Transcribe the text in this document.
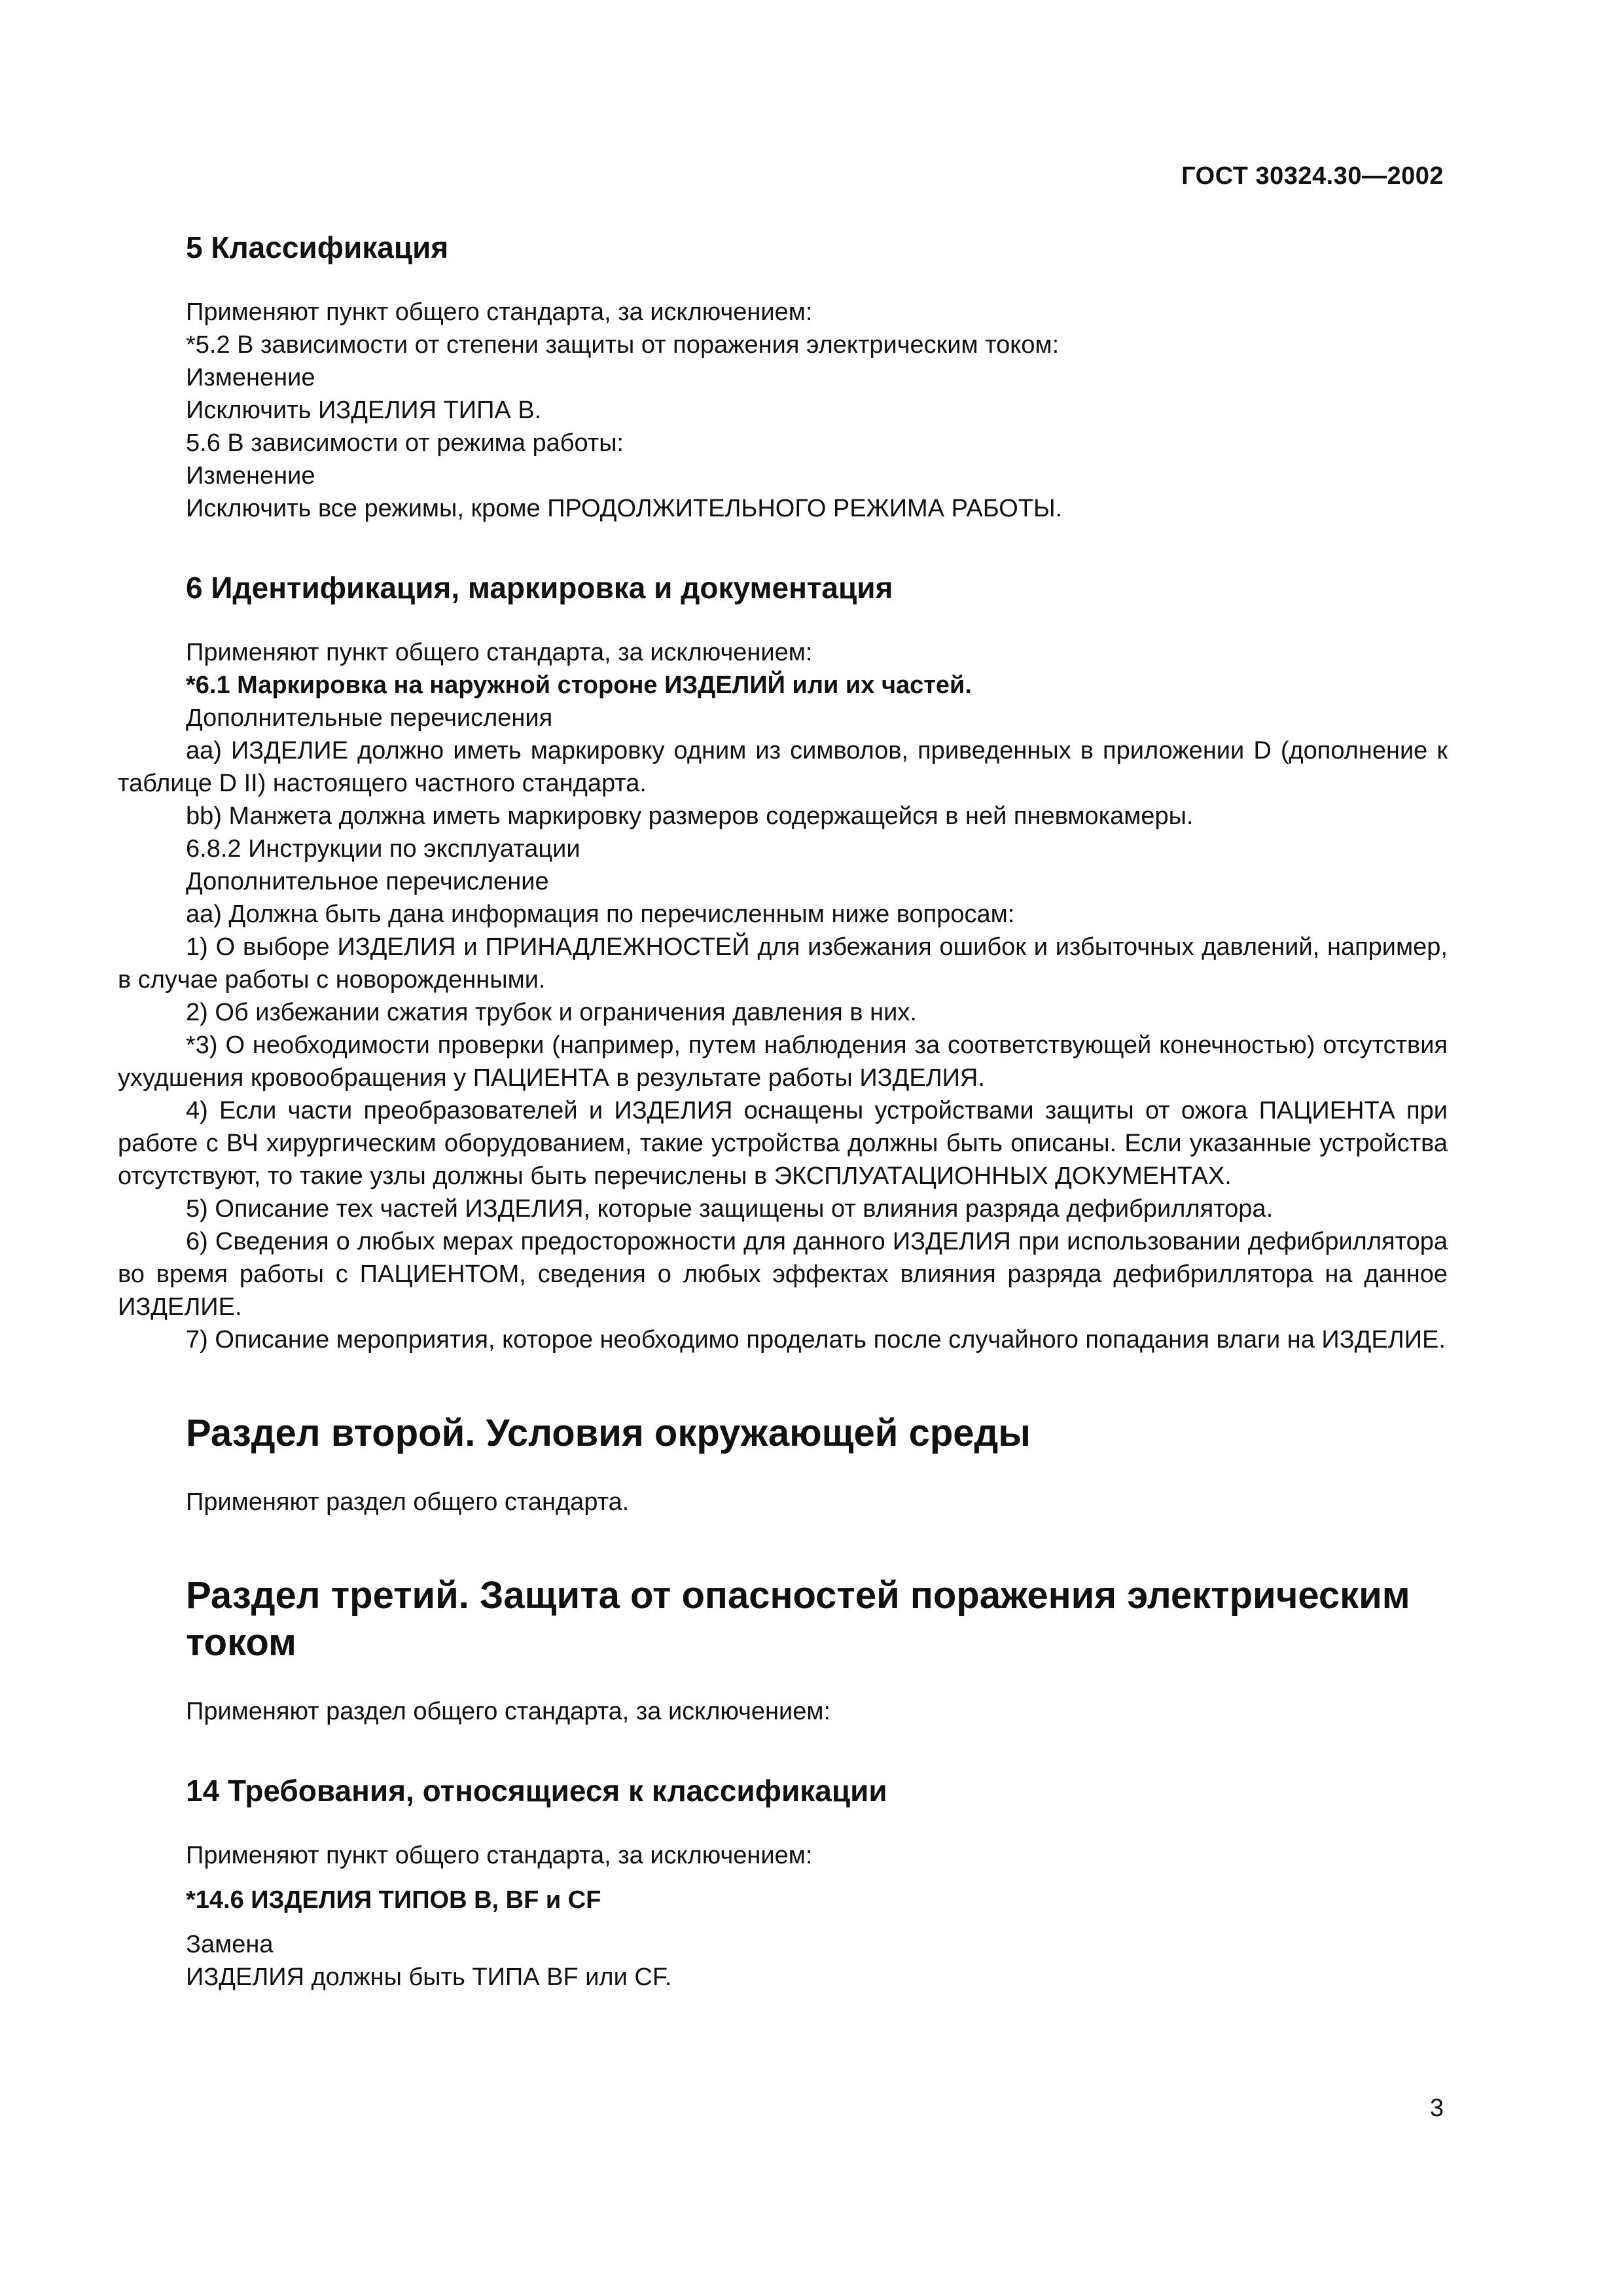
ГОСТ 30324.30—2002
5 Классификация
Применяют пункт общего стандарта, за исключением:
*5.2 В зависимости от степени защиты от поражения электрическим током:
Изменение
Исключить ИЗДЕЛИЯ ТИПА В.
5.6 В зависимости от режима работы:
Изменение
Исключить все режимы, кроме ПРОДОЛЖИТЕЛЬНОГО РЕЖИМА РАБОТЫ.
6 Идентификация, маркировка и документация
Применяют пункт общего стандарта, за исключением:
*6.1 Маркировка на наружной стороне ИЗДЕЛИЙ или их частей.
Дополнительные перечисления
аа) ИЗДЕЛИЕ должно иметь маркировку одним из символов, приведенных в приложении D (дополнение к таблице D II) настоящего частного стандарта.
bb) Манжета должна иметь маркировку размеров содержащейся в ней пневмокамеры.
6.8.2 Инструкции по эксплуатации
Дополнительное перечисление
аа) Должна быть дана информация по перечисленным ниже вопросам:
1) О выборе ИЗДЕЛИЯ и ПРИНАДЛЕЖНОСТЕЙ для избежания ошибок и избыточных давлений, например, в случае работы с новорожденными.
2) Об избежании сжатия трубок и ограничения давления в них.
*3) О необходимости проверки (например, путем наблюдения за соответствующей конечностью) отсутствия ухудшения кровообращения у ПАЦИЕНТА в результате работы ИЗДЕЛИЯ.
4) Если части преобразователей и ИЗДЕЛИЯ оснащены устройствами защиты от ожога ПАЦИЕНТА при работе с ВЧ хирургическим оборудованием, такие устройства должны быть описаны. Если указанные устройства отсутствуют, то такие узлы должны быть перечислены в ЭКСПЛУАТАЦИОННЫХ ДОКУМЕНТАХ.
5) Описание тех частей ИЗДЕЛИЯ, которые защищены от влияния разряда дефибриллятора.
6) Сведения о любых мерах предосторожности для данного ИЗДЕЛИЯ при использовании дефибриллятора во время работы с ПАЦИЕНТОМ, сведения о любых эффектах влияния разряда дефибриллятора на данное ИЗДЕЛИЕ.
7) Описание мероприятия, которое необходимо проделать после случайного попадания влаги на ИЗДЕЛИЕ.
Раздел второй. Условия окружающей среды
Применяют раздел общего стандарта.
Раздел третий. Защита от опасностей поражения электрическим током
Применяют раздел общего стандарта, за исключением:
14 Требования, относящиеся к классификации
Применяют пункт общего стандарта, за исключением:
*14.6 ИЗДЕЛИЯ ТИПОВ В, BF и CF
Замена
ИЗДЕЛИЯ должны быть ТИПА BF или CF.
3
